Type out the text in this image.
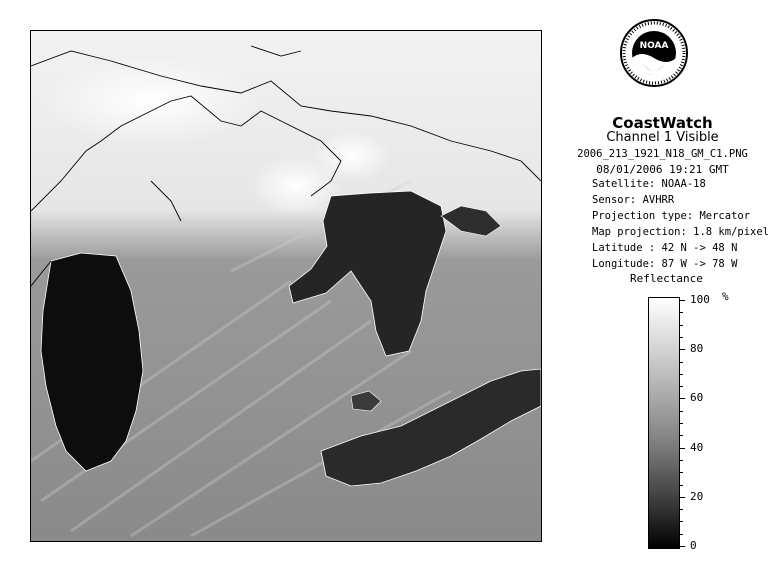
NOAA
CoastWatch
Channel 1 Visible
2006_213_1921_N18_GM_C1.PNG
08/01/2006 19:21 GMT
Satellite: NOAA-18
Sensor: AVHRR
Projection type: Mercator
Map projection: 1.8 km/pixel
Latitude : 42 N -> 48 N
Longitude: 87 W -> 78 W
Reflectance
%
100
80
60
40
20
0
